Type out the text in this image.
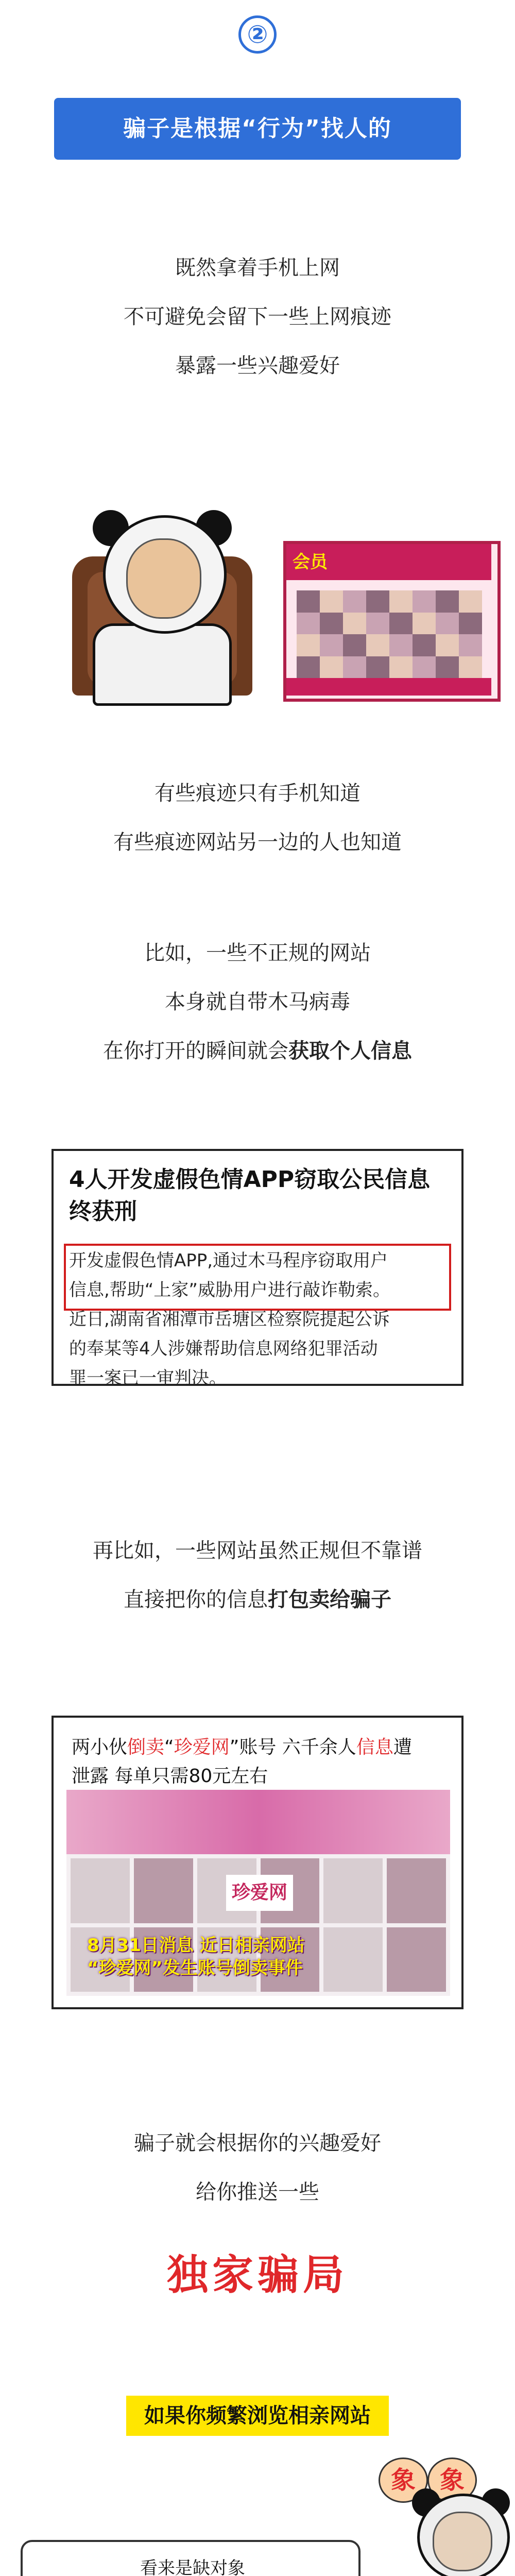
②
骗子是根据“行为”找人的
既然拿着手机上网
不可避免会留下一些上网痕迹
暴露一些兴趣爱好
会员
有些痕迹只有手机知道
有些痕迹网站另一边的人也知道
比如，一些不正规的网站
本身就自带木马病毒
在你打开的瞬间就会获取个人信息
4人开发虚假色情APP窃取公民信息终获刑
开发虚假色情APP,通过木马程序窃取用户
信息,帮助“上家”威胁用户进行敲诈勒索。
近日,湖南省湘潭市岳塘区检察院提起公诉
的奉某等4人涉嫌帮助信息网络犯罪活动
罪一案已一审判决。
再比如，一些网站虽然正规但不靠谱
直接把你的信息打包卖给骗子
两小伙倒卖“珍爱网”账号 六千余人信息遭
泄露 每单只需80元左右
珍爱网
8月31日消息 近日相亲网站
“珍爱网”发生账号倒卖事件
骗子就会根据你的兴趣爱好
给你推送一些
独家骗局
如果你频繁浏览相亲网站
看来是缺对象
象 象
